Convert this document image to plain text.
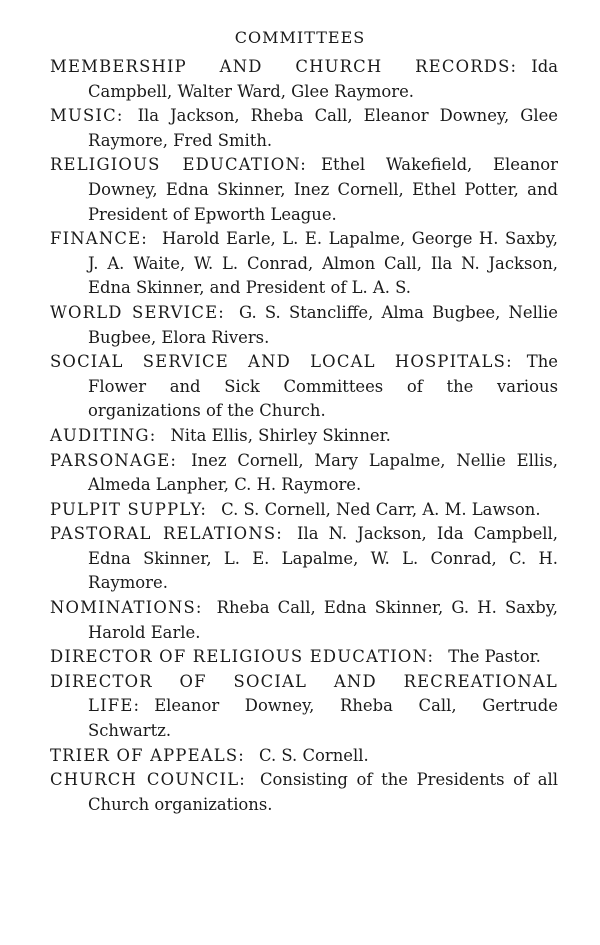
COMMITTEES

MEMBERSHIP AND CHURCH RECORDS: Ida Campbell, Walter Ward, Glee Raymore.

MUSIC: Ila Jackson, Rheba Call, Eleanor Downey, Glee Raymore, Fred Smith.

RELIGIOUS EDUCATION: Ethel Wakefield, Eleanor Downey, Edna Skinner, Inez Cornell, Ethel Potter, and President of Epworth League.

FINANCE: Harold Earle, L. E. Lapalme, George H. Saxby, J. A. Waite, W. L. Conrad, Almon Call, Ila N. Jackson, Edna Skinner, and President of L. A. S.

WORLD SERVICE: G. S. Stancliffe, Alma Bugbee, Nellie Bugbee, Elora Rivers.

SOCIAL SERVICE AND LOCAL HOSPITALS: The Flower and Sick Committees of the various organizations of the Church.

AUDITING: Nita Ellis, Shirley Skinner.

PARSONAGE: Inez Cornell, Mary Lapalme, Nellie Ellis, Almeda Lanpher, C. H. Raymore.

PULPIT SUPPLY: C. S. Cornell, Ned Carr, A. M. Lawson.

PASTORAL RELATIONS: Ila N. Jackson, Ida Campbell, Edna Skinner, L. E. Lapalme, W. L. Conrad, C. H. Raymore.

NOMINATIONS: Rheba Call, Edna Skinner, G. H. Saxby, Harold Earle.

DIRECTOR OF RELIGIOUS EDUCATION: The Pastor.

DIRECTOR OF SOCIAL AND RECREATIONAL LIFE: Eleanor Downey, Rheba Call, Gertrude Schwartz.

TRIER OF APPEALS: C. S. Cornell.

CHURCH COUNCIL: Consisting of the Presidents of all Church organizations.
